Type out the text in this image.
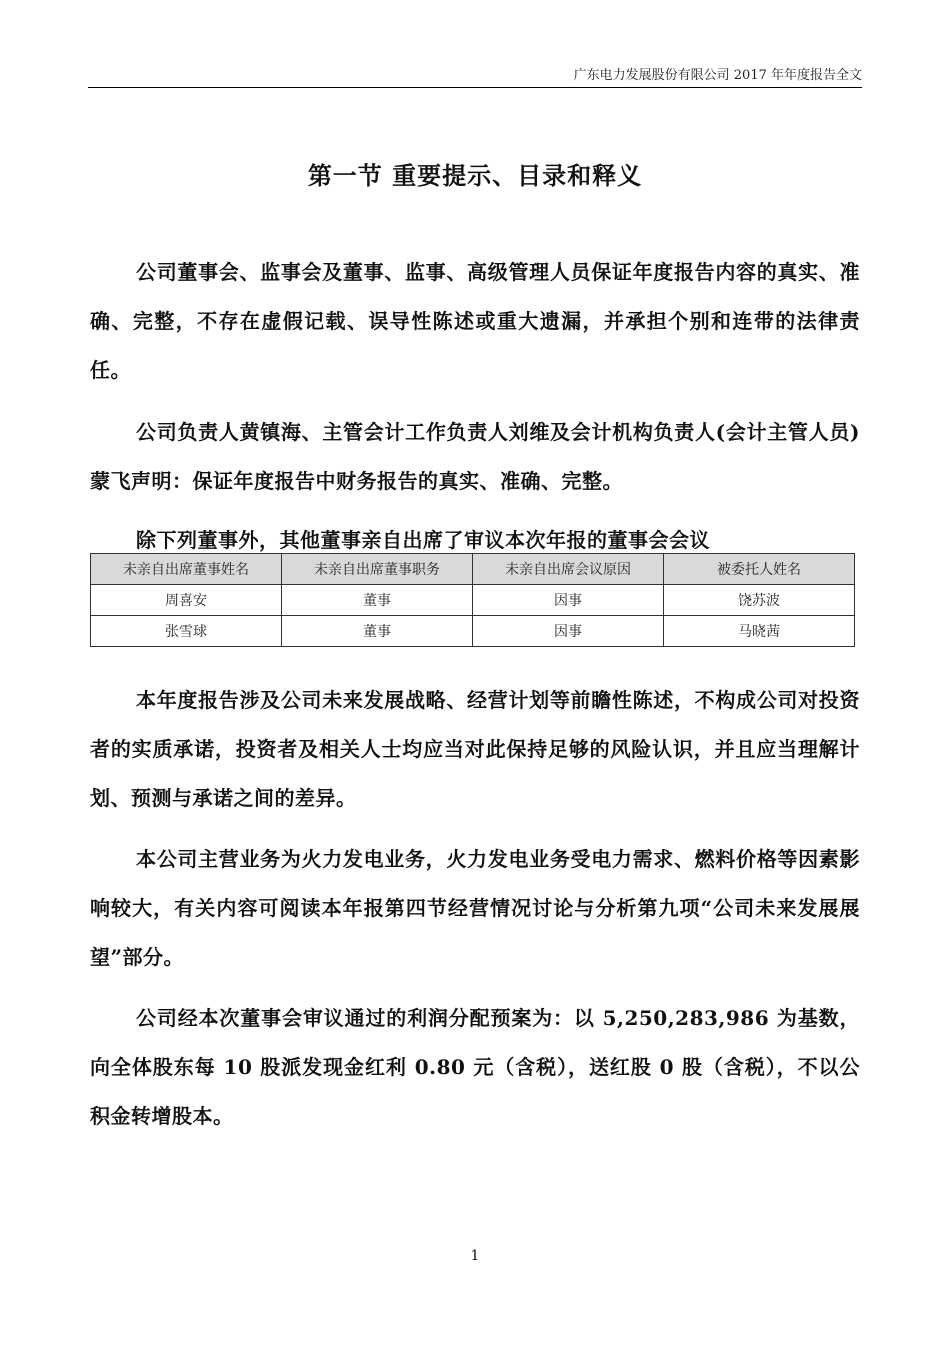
广东电力发展股份有限公司 2017 年年度报告全文
第一节 重要提示、目录和释义

公司董事会、监事会及董事、监事、高级管理人员保证年度报告内容的真实、准确、完整，不存在虚假记载、误导性陈述或重大遗漏，并承担个别和连带的法律责任。

公司负责人黄镇海、主管会计工作负责人刘维及会计机构负责人(会计主管人员)蒙飞声明：保证年度报告中财务报告的真实、准确、完整。

除下列董事外，其他董事亲自出席了审议本次年报的董事会会议

未亲自出席董事姓名	未亲自出席董事职务	未亲自出席会议原因	被委托人姓名
周喜安	董事	因事	饶苏波
张雪球	董事	因事	马晓茜

本年度报告涉及公司未来发展战略、经营计划等前瞻性陈述，不构成公司对投资者的实质承诺，投资者及相关人士均应当对此保持足够的风险认识，并且应当理解计划、预测与承诺之间的差异。

本公司主营业务为火力发电业务，火力发电业务受电力需求、燃料价格等因素影响较大，有关内容可阅读本年报第四节经营情况讨论与分析第九项“公司未来发展展望”部分。

公司经本次董事会审议通过的利润分配预案为：以 5,250,283,986 为基数，向全体股东每 10 股派发现金红利 0.80 元（含税），送红股 0 股（含税），不以公积金转增股本。

1
